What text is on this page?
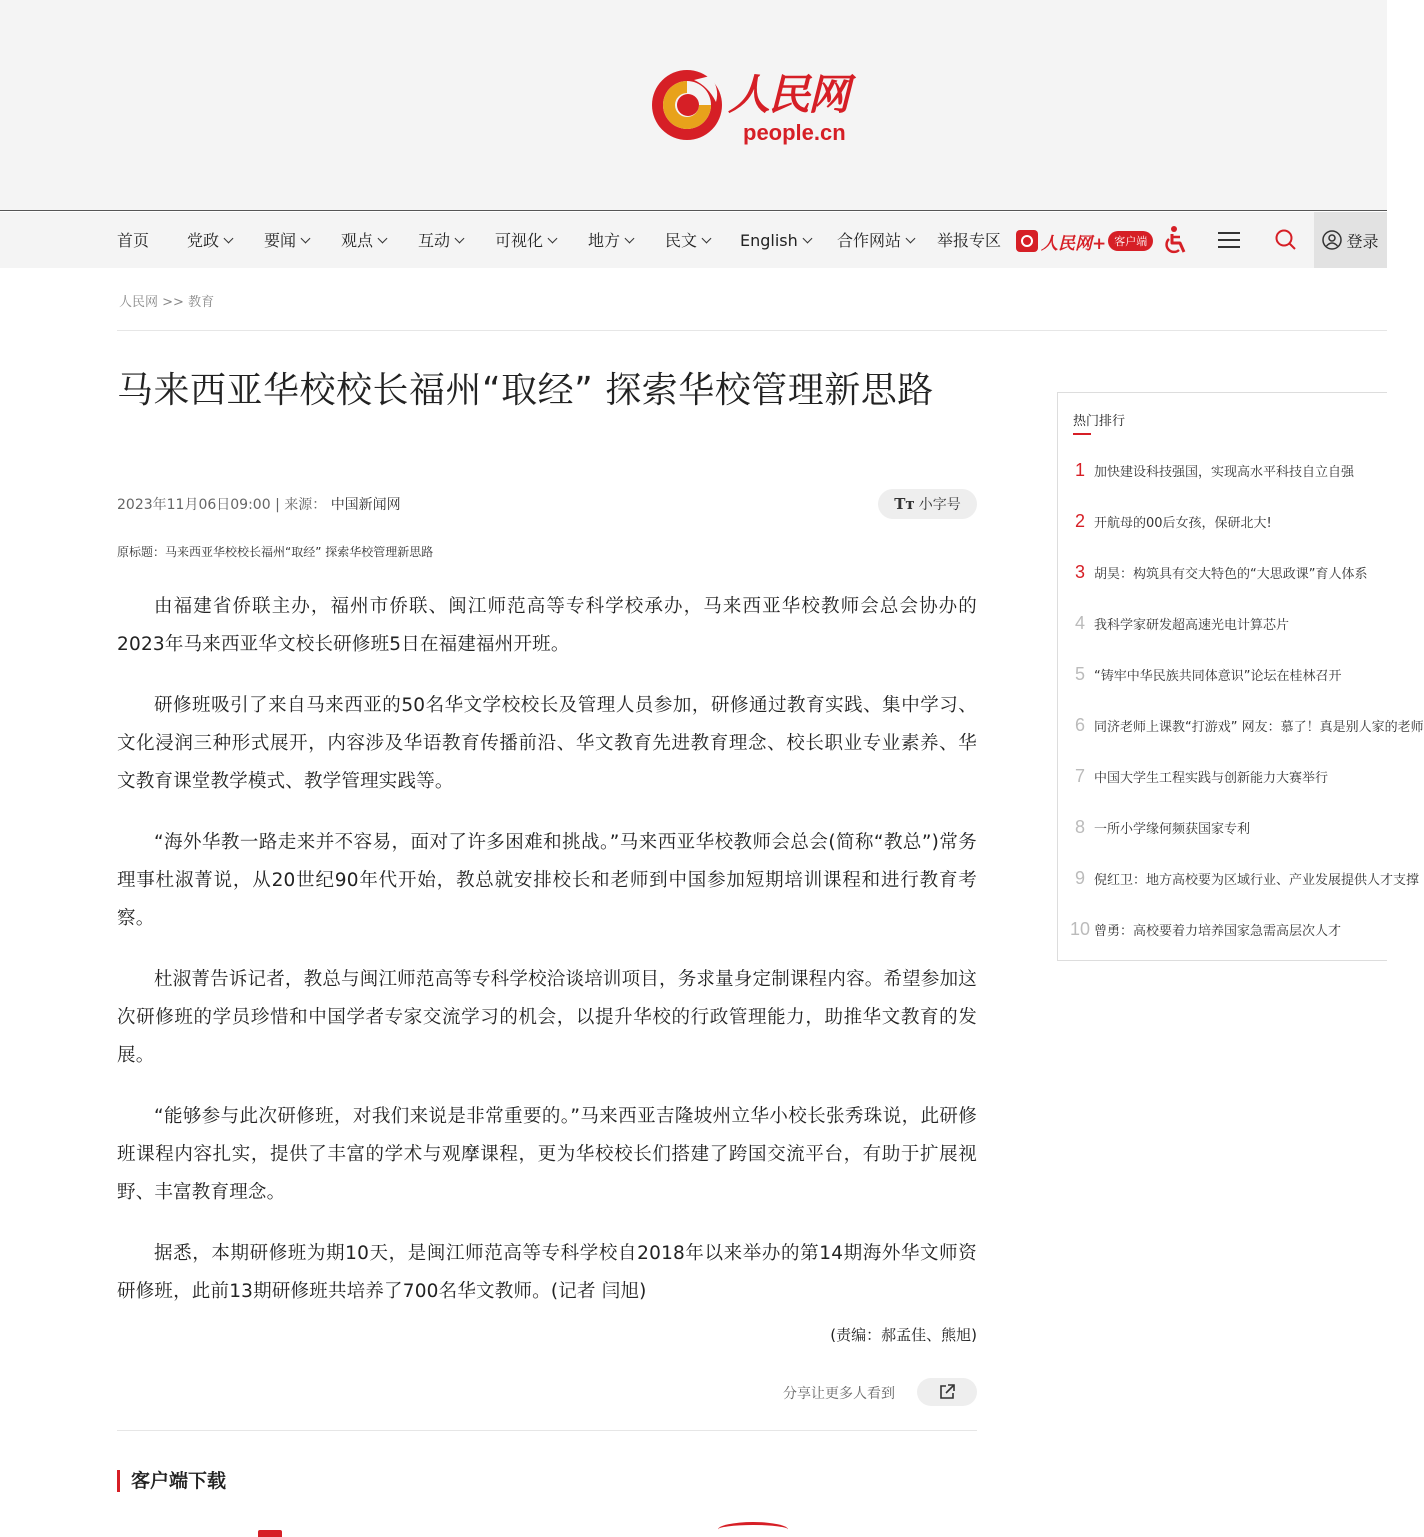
人民网
people.cn
首页 党政	要闻	观点	互动	可视化	地方	民文	English	合作网站	举报专区 人民网+ 客户端	登录
人民网 >> 教育
马来西亚华校校长福州“取经” 探索华校管理新思路
2023年11月06日09:00 | 来源： 中国新闻网	Tт 小字号
原标题：马来西亚华校校长福州“取经” 探索华校管理新思路

由福建省侨联主办，福州市侨联、闽江师范高等专科学校承办，马来西亚华校教师会总会协办的2023年马来西亚华文校长研修班5日在福建福州开班。

研修班吸引了来自马来西亚的50名华文学校校长及管理人员参加，研修通过教育实践、集中学习、文化浸润三种形式展开，内容涉及华语教育传播前沿、华文教育先进教育理念、校长职业专业素养、华文教育课堂教学模式、教学管理实践等。

“海外华教一路走来并不容易，面对了许多困难和挑战。”马来西亚华校教师会总会(简称“教总”)常务理事杜淑菁说，从20世纪90年代开始，教总就安排校长和老师到中国参加短期培训课程和进行教育考察。

杜淑菁告诉记者，教总与闽江师范高等专科学校洽谈培训项目，务求量身定制课程内容。希望参加这次研修班的学员珍惜和中国学者专家交流学习的机会，以提升华校的行政管理能力，助推华文教育的发展。

“能够参与此次研修班，对我们来说是非常重要的。”马来西亚吉隆坡州立华小校长张秀珠说，此研修班课程内容扎实，提供了丰富的学术与观摩课程，更为华校校长们搭建了跨国交流平台，有助于扩展视野、丰富教育理念。

据悉，本期研修班为期10天，是闽江师范高等专科学校自2018年以来举办的第14期海外华文师资研修班，此前13期研修班共培养了700名华文教师。(记者 闫旭)

(责编：郝孟佳、熊旭)
分享让更多人看到
客户端下载
热门排行
1 加快建设科技强国，实现高水平科技自立自强
2 开航母的00后女孩，保研北大!
3 胡昊：构筑具有交大特色的“大思政课”育人体系
4 我科学家研发超高速光电计算芯片
5 “铸牢中华民族共同体意识”论坛在桂林召开
6 同济老师上课教“打游戏” 网友：慕了！真是别人家的老师
7 中国大学生工程实践与创新能力大赛举行
8 一所小学缘何频获国家专利
9 倪红卫：地方高校要为区域行业、产业发展提供人才支撑
10 曾勇：高校要着力培养国家急需高层次人才
